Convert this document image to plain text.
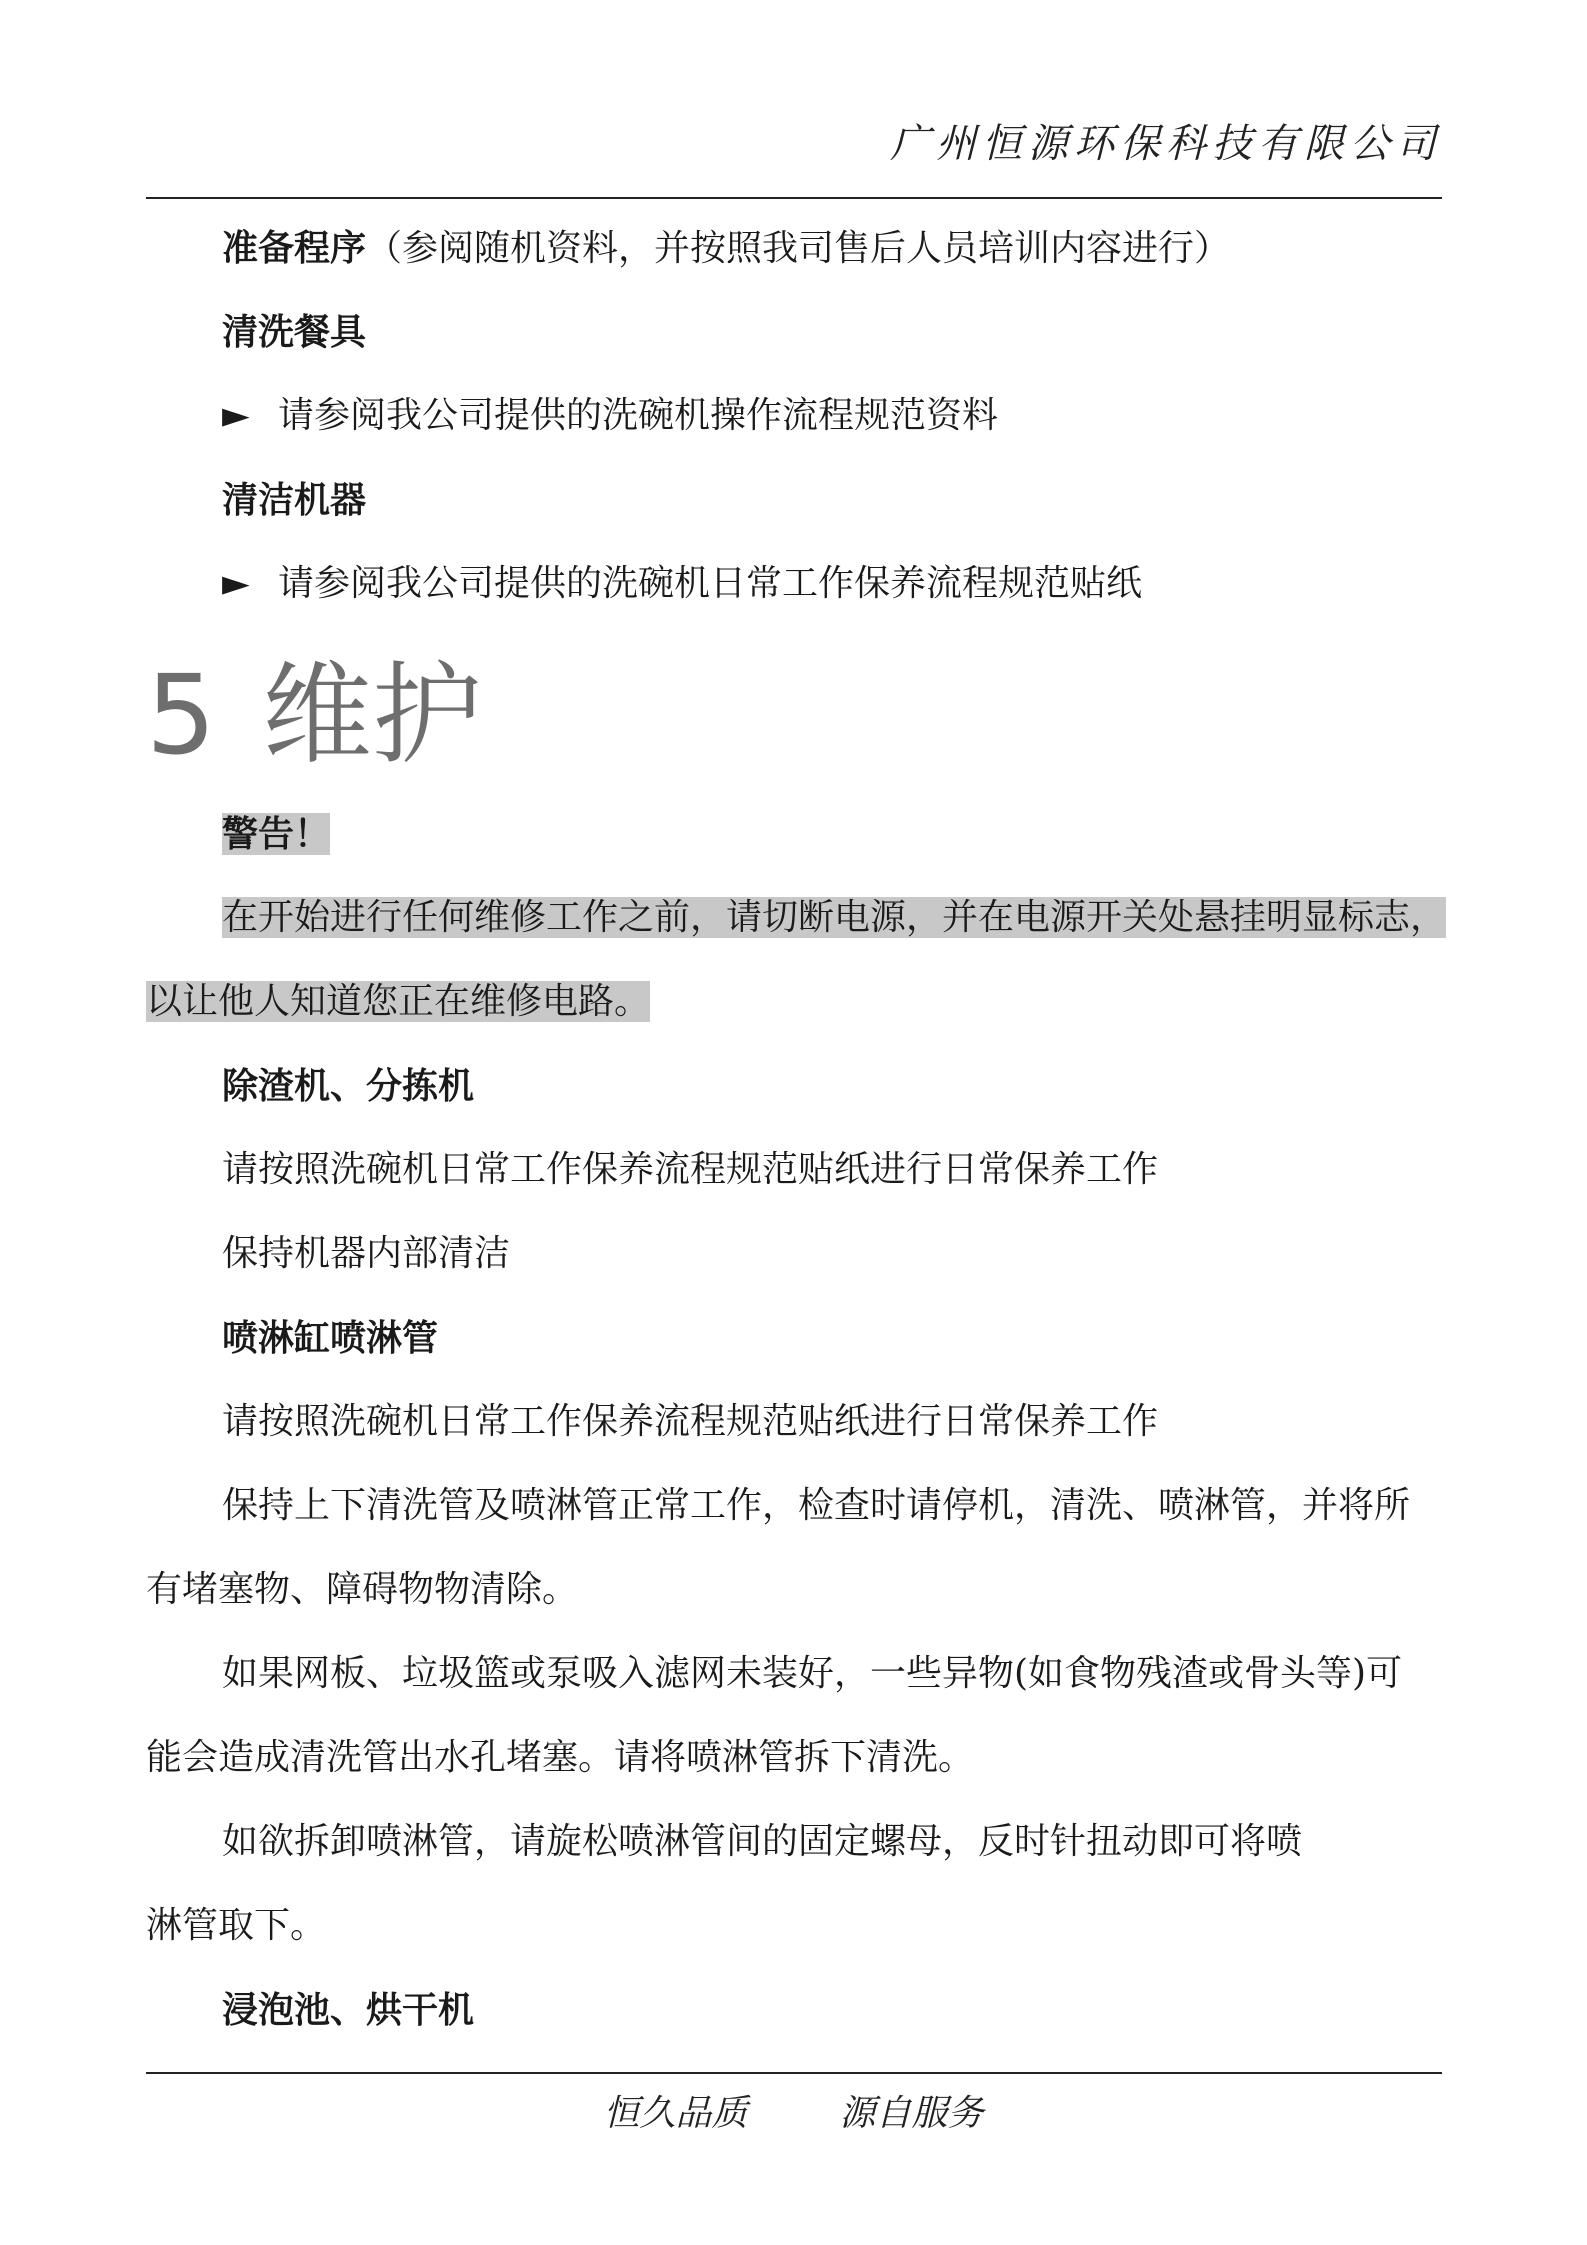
广州恒源环保科技有限公司
准备程序（参阅随机资料，并按照我司售后人员培训内容进行）
清洗餐具
► 请参阅我公司提供的洗碗机操作流程规范资料
清洁机器
► 请参阅我公司提供的洗碗机日常工作保养流程规范贴纸
5 维护
警告！
在开始进行任何维修工作之前，请切断电源，并在电源开关处悬挂明显标志，
以让他人知道您正在维修电路。
除渣机、分拣机
请按照洗碗机日常工作保养流程规范贴纸进行日常保养工作
保持机器内部清洁
喷淋缸喷淋管
请按照洗碗机日常工作保养流程规范贴纸进行日常保养工作
保持上下清洗管及喷淋管正常工作，检查时请停机，清洗、喷淋管，并将所
有堵塞物、障碍物物清除。
如果网板、垃圾篮或泵吸入滤网未装好，一些异物(如食物残渣或骨头等)可
能会造成清洗管出水孔堵塞。请将喷淋管拆下清洗。
如欲拆卸喷淋管，请旋松喷淋管间的固定螺母，反时针扭动即可将喷
淋管取下。
浸泡池、烘干机
恒久品质	源自服务
